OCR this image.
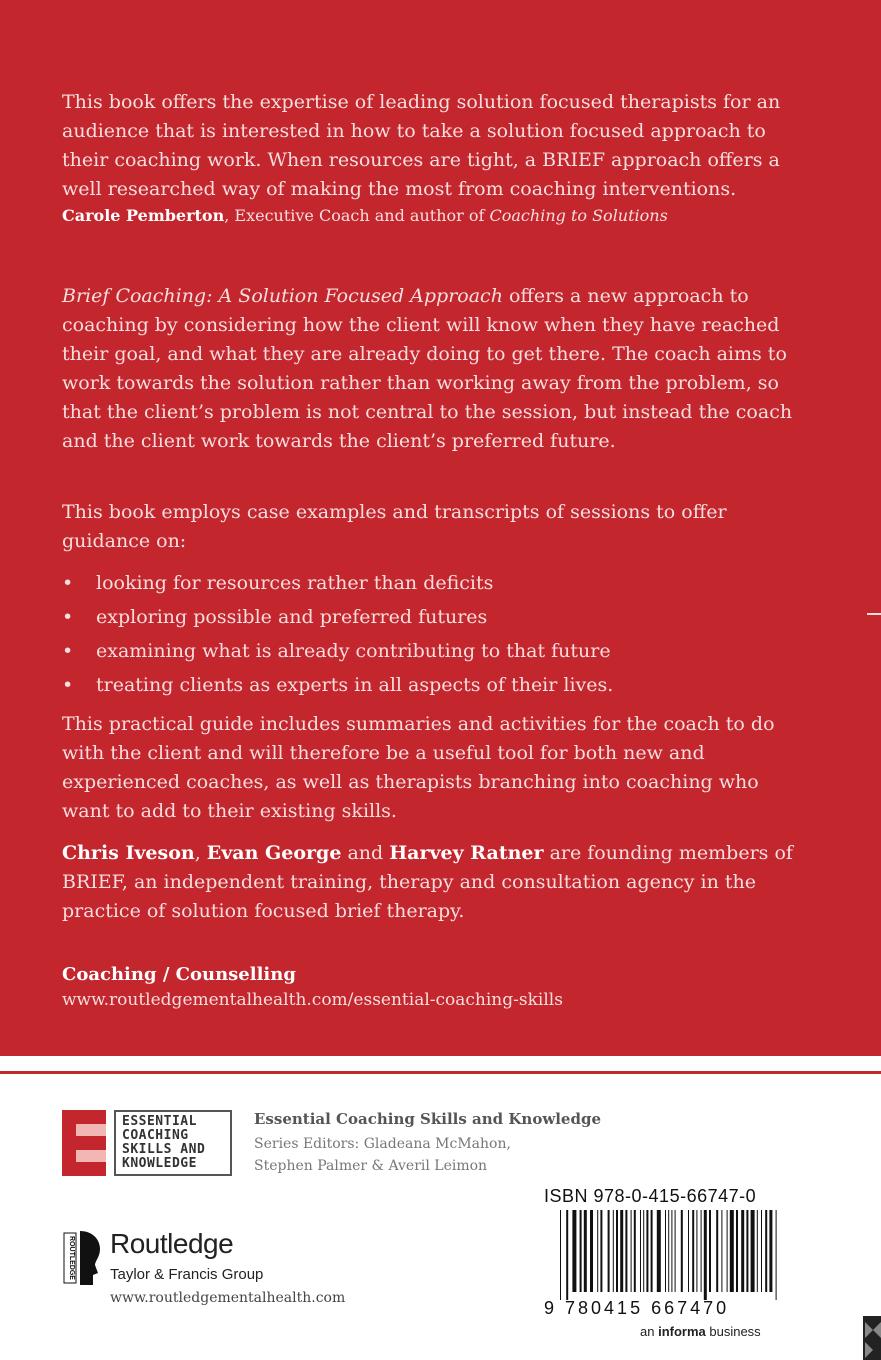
This book offers the expertise of leading solution focused therapists for an audience that is interested in how to take a solution focused approach to their coaching work. When resources are tight, a BRIEF approach offers a well researched way of making the most from coaching interventions.

Carole Pemberton, Executive Coach and author of Coaching to Solutions

Brief Coaching: A Solution Focused Approach offers a new approach to coaching by considering how the client will know when they have reached their goal, and what they are already doing to get there. The coach aims to work towards the solution rather than working away from the problem, so that the client’s problem is not central to the session, but instead the coach and the client work towards the client’s preferred future.

This book employs case examples and transcripts of sessions to offer guidance on:

• looking for resources rather than deficits
• exploring possible and preferred futures
• examining what is already contributing to that future
• treating clients as experts in all aspects of their lives.

This practical guide includes summaries and activities for the coach to do with the client and will therefore be a useful tool for both new and experienced coaches, as well as therapists branching into coaching who want to add to their existing skills.

Chris Iveson, Evan George and Harvey Ratner are founding members of BRIEF, an independent training, therapy and consultation agency in the practice of solution focused brief therapy.

Coaching / Counselling

www.routledgementalhealth.com/essential-coaching-skills

ESSENTIAL
COACHING
SKILLS AND
KNOWLEDGE

Essential Coaching Skills and Knowledge

Series Editors: Gladeana McMahon,
Stephen Palmer & Averil Leimon

ROUTLEDGE Routledge

Taylor & Francis Group

www.routledgementalhealth.com

ISBN 978-0-415-66747-0

9 780415 667470

an informa business
